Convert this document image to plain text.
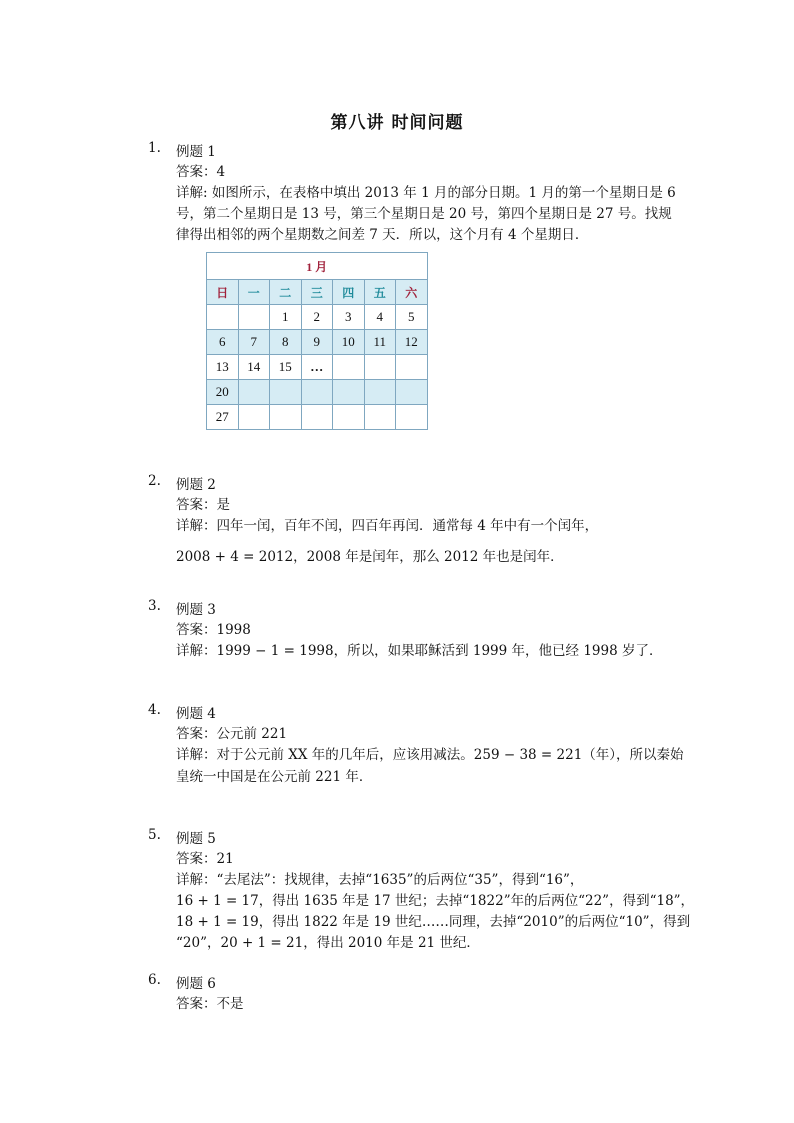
第八讲 时间问题
1.	例题 1
答案：4
详解: 如图所示，在表格中填出 2013 年 1 月的部分日期。1 月的第一个星期日是 6
号，第二个星期日是 13 号，第三个星期日是 20 号，第四个星期日是 27 号。找规
律得出相邻的两个星期数之间差 7 天．所以，这个月有 4 个星期日．
1 月						
日	一	二	三	四	五	六
		1	2	3	4	5
6	7	8	9	10	11	12
13	14	15	…			
20						
27						
2.	例题 2
答案：是
详解：四年一闰，百年不闰，四百年再闰．通常每 4 年中有一个闰年，
2008 + 4 = 2012，2008 年是闰年，那么 2012 年也是闰年．
3.	例题 3
答案：1998
详解：1999 − 1 = 1998，所以，如果耶稣活到 1999 年，他已经 1998 岁了．
4.	例题 4
答案：公元前 221
详解：对于公元前 XX 年的几年后，应该用减法。259 − 38 = 221（年），所以秦始
皇统一中国是在公元前 221 年．
5.	例题 5
答案：21
详解：“去尾法”：找规律，去掉“1635”的后两位“35”，得到“16”，
16 + 1 = 17，得出 1635 年是 17 世纪；去掉“1822”年的后两位“22”，得到“18”，
18 + 1 = 19，得出 1822 年是 19 世纪……同理，去掉“2010”的后两位“10”，得到
“20”，20 + 1 = 21，得出 2010 年是 21 世纪．
6.	例题 6
答案：不是
